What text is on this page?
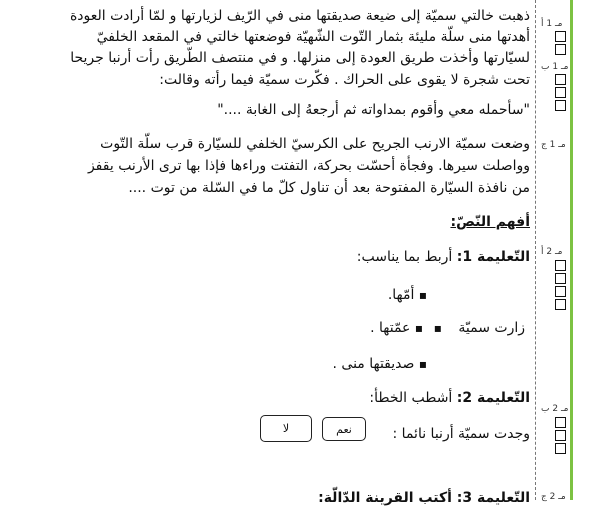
مـ 1 أ
مـ 1 ب
مـ 1 ج
مـ 2 أ
مـ 2 ب
مـ 2 ج
ذهبت خالتي سميّة إلى ضيعة صديقتها منى في الرّيف لزيارتها و لمّا أرادت العودة
أهدتها منى سلّة مليئة بثمار التّوت الشّهيّة فوضعتها خالتي في المقعد الخلفيّ
لسيّارتها وأخذت طريق العودة إلى منزلها. و في منتصف الطّريق رأت أرنبا جريحا
تحت شجرة لا يقوى على الحراك . فكّرت سميّة فيما رأته وقالت:
"سأحمله معي وأقوم بمداواته ثم أرجعهُ إلى الغابة ...."
وضعت سميّة الارنب الجريح على الكرسيّ الخلفي للسيّارة قرب سلّة التّوت
وواصلت سيرها. وفجأة أحسّت بحركة، التفتت وراءها فإذا بها ترى الأرنب يقفز
من نافذة السيّارة المفتوحة بعد أن تناول كلّ ما في السّلة من توت ....
أفهم النّصّ:
التّعليمة 1: أربط بما يناسب:
▪ أمّها.
زارت سميّة ▪
▪ عمّتها .
▪ صديقتها منى .
التّعليمة 2: أشطب الخطأ:
وجدت سميّة أرنبا نائما :
نعم
لا
التّعليمة 3: أكتب القرينة الدّالّة:
